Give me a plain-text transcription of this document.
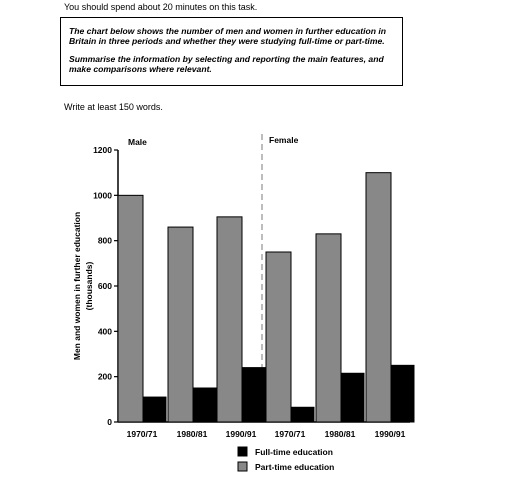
You should spend about 20 minutes on this task.

The chart below shows the number of men and women in further education in Britain in three periods and whether they were studying full-time or part-time.

Summarise the information by selecting and reporting the main features, and make comparisons where relevant.

Write at least 150 words.
0
200
400
600
800
1000
1200
Men and women in further education (thousands)
Male	Female
1970/71 1980/81 1990/91 1970/71 1980/81 1990/91
Full-time education
Part-time education
